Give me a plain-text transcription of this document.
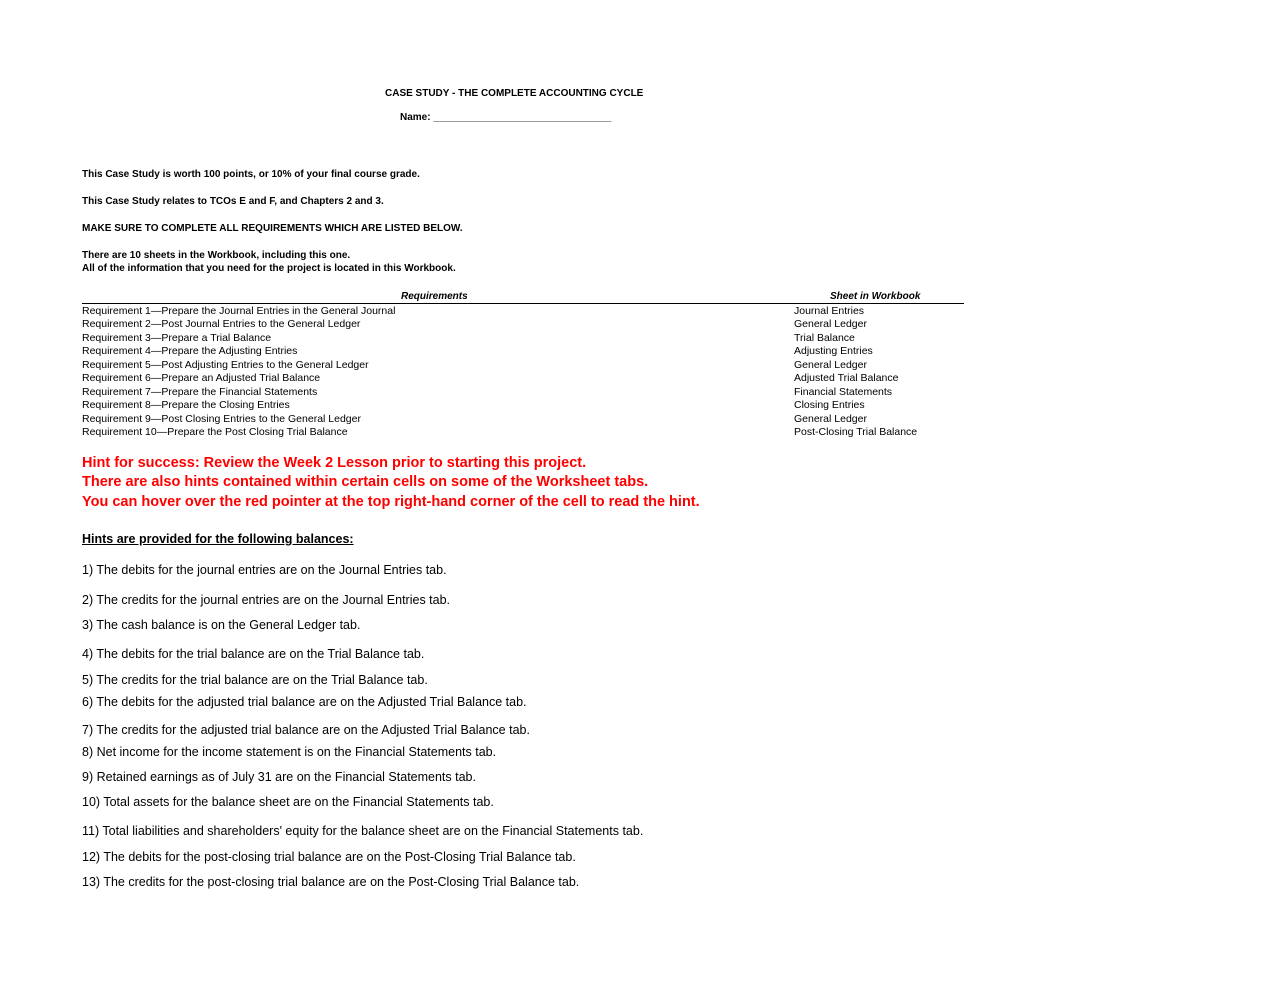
CASE STUDY - THE COMPLETE ACCOUNTING CYCLE
Name: ________________________________
This Case Study is worth 100 points, or 10% of your final course grade.
This Case Study relates to TCOs E and F, and Chapters 2 and 3.
MAKE SURE TO COMPLETE ALL REQUIREMENTS WHICH ARE LISTED BELOW.
There are 10 sheets in the Workbook, including this one.
All of the information that you need for the project is located in this Workbook.
Requirements	Sheet in Workbook
Requirement 1—Prepare the Journal Entries in the General Journal	Journal Entries
Requirement 2—Post Journal Entries to the General Ledger	General Ledger
Requirement 3—Prepare a Trial Balance	Trial Balance
Requirement 4—Prepare the Adjusting Entries	Adjusting Entries
Requirement 5—Post Adjusting Entries to the General Ledger	General Ledger
Requirement 6—Prepare an Adjusted Trial Balance	Adjusted Trial Balance
Requirement 7—Prepare the Financial Statements	Financial Statements
Requirement 8—Prepare the Closing Entries	Closing Entries
Requirement 9—Post Closing Entries to the General Ledger	General Ledger
Requirement 10—Prepare the Post Closing Trial Balance	Post-Closing Trial Balance
Hint for success: Review the Week 2 Lesson prior to starting this project.
There are also hints contained within certain cells on some of the Worksheet tabs.
You can hover over the red pointer at the top right-hand corner of the cell to read the hint.
Hints are provided for the following balances:
1) The debits for the journal entries are on the Journal Entries tab.
2) The credits for the journal entries are on the Journal Entries tab.
3) The cash balance is on the General Ledger tab.
4) The debits for the trial balance are on the Trial Balance tab.
5) The credits for the trial balance are on the Trial Balance tab.
6) The debits for the adjusted trial balance are on the Adjusted Trial Balance tab.
7) The credits for the adjusted trial balance are on the Adjusted Trial Balance tab.
8) Net income for the income statement is on the Financial Statements tab.
9) Retained earnings as of July 31 are on the Financial Statements tab.
10) Total assets for the balance sheet are on the Financial Statements tab.
11) Total liabilities and shareholders' equity for the balance sheet are on the Financial Statements tab.
12) The debits for the post-closing trial balance are on the Post-Closing Trial Balance tab.
13) The credits for the post-closing trial balance are on the Post-Closing Trial Balance tab.
